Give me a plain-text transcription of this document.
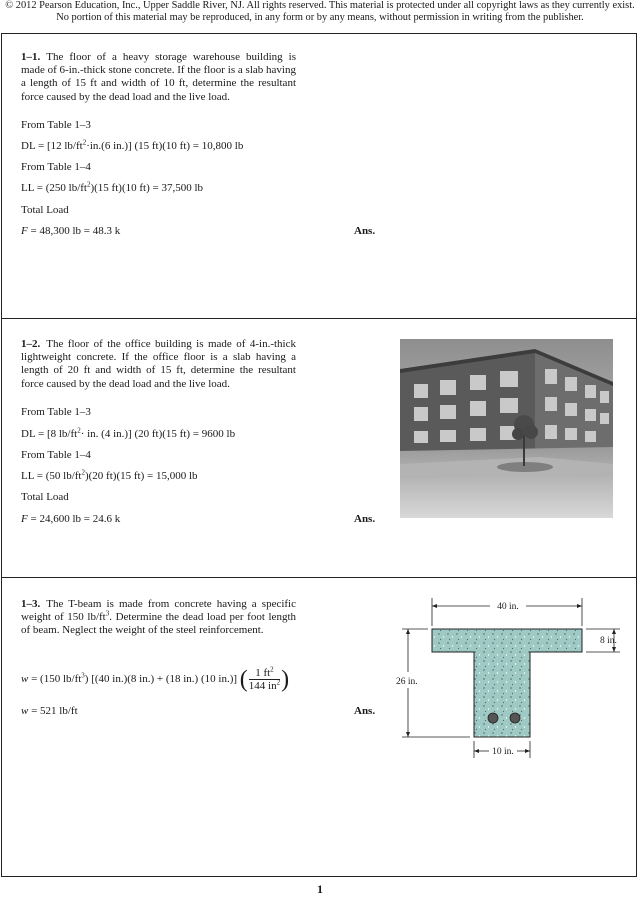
© 2012 Pearson Education, Inc., Upper Saddle River, NJ. All rights reserved. This material is protected under all copyright laws as they currently exist.
No portion of this material may be reproduced, in any form or by any means, without permission in writing from the publisher.
1–1. The floor of a heavy storage warehouse building is made of 6-in.-thick stone concrete. If the floor is a slab having a length of 15 ft and width of 10 ft, determine the resultant force caused by the dead load and the live load.
From Table 1–3
DL = [12 $lb/ft^2\cdot in.(6$ in.)] (15 ft)(10 ft) = 10,800 lb
From Table 1–4
LL = (250 $lb/ft^2)(15$ ft)(10 ft) = 37,500 lb
Total Load
F = 48,300 lb = 48.3 k	Ans.
1–2. The floor of the office building is made of 4-in.-thick lightweight concrete. If the office floor is a slab having a length of 20 ft and width of 15 ft, determine the resultant force caused by the dead load and the live load.
From Table 1–3
DL = [8 $lb/ft^2\cdot$ in. (4 in.)] (20 ft)(15 ft) = 9600 lb
From Table 1–4
LL = (50 $lb/ft^2)(20$ ft)(15 ft) = 15,000 lb
Total Load
F = 24,600 lb = 24.6 k	Ans.
1–3. The T-beam is made from concrete having a specific weight of 150 $lb/ft^3$. Determine the dead load per foot length of beam. Neglect the weight of the steel reinforcement.
w = (150 $lb/ft^3$) [(40 in.)(8 in.) + (18 in.) (10 in.)] ( $\frac{1 ft^2}{144 in^2}$ )
w = 521 lb/ft	Ans.
40 in.
8 in.
26 in.
10 in.
1
